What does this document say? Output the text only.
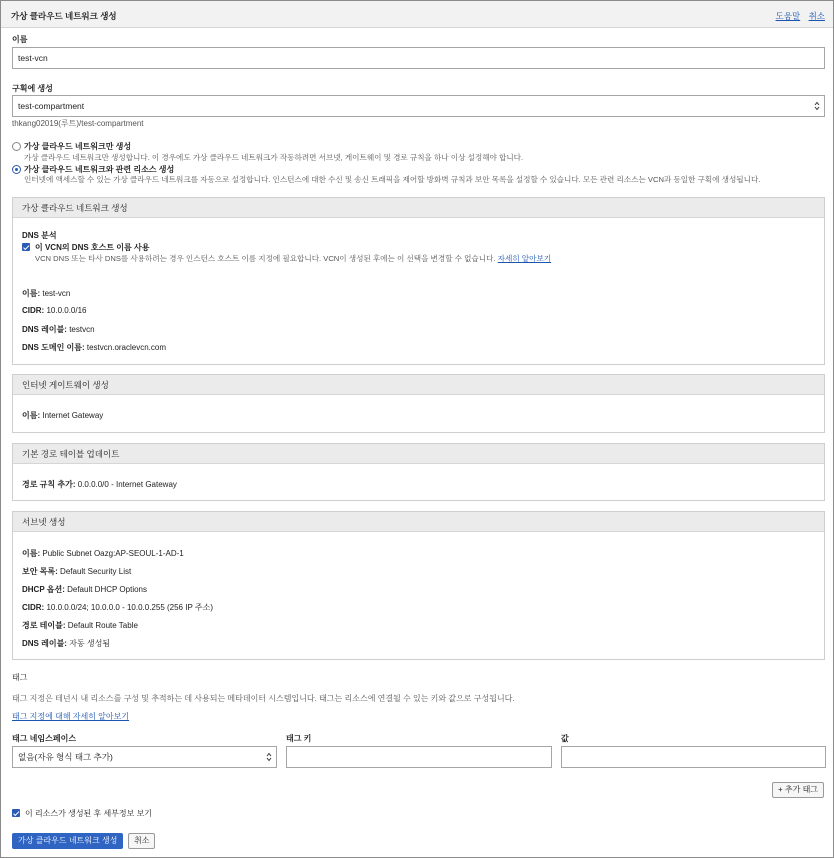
가상 클라우드 네트워크 생성	도움말 취소
이름
test-vcn
구획에 생성
test-compartment
thkang02019(루트)/test-compartment
가상 클라우드 네트워크만 생성
가상 클라우드 네트워크만 생성합니다. 이 경우에도 가상 클라우드 네트워크가 작동하려면 서브넷, 게이트웨이 및 경로 규칙을 하나 이상 설정해야 합니다.
가상 클라우드 네트워크와 관련 리소스 생성
인터넷에 액세스할 수 있는 가상 클라우드 네트워크를 자동으로 설정합니다. 인스턴스에 대한 수신 및 송신 트래픽을 제어할 방화벽 규칙과 보안 목록을 설정할 수 있습니다. 모든 관련 리소스는 VCN과 동일한 구획에 생성됩니다.
가상 클라우드 네트워크 생성
DNS 분석
이 VCN의 DNS 호스트 이름 사용
VCN DNS 또는 타사 DNS를 사용하려는 경우 인스턴스 호스트 이름 지정에 필요합니다. VCN이 생성된 후에는 이 선택을 변경할 수 없습니다. 자세히 알아보기
이름: test-vcn
CIDR: 10.0.0.0/16
DNS 레이블: testvcn
DNS 도메인 이름: testvcn.oraclevcn.com
인터넷 게이트웨이 생성
이름: Internet Gateway
기본 경로 테이블 업데이트
경로 규칙 추가: 0.0.0.0/0 - Internet Gateway
서브넷 생성
이름: Public Subnet Oazg:AP-SEOUL-1-AD-1
보안 목록: Default Security List
DHCP 옵션: Default DHCP Options
CIDR: 10.0.0.0/24; 10.0.0.0 - 10.0.0.255 (256 IP 주소)
경로 테이블: Default Route Table
DNS 레이블: 자동 생성됨
태그
태그 지정은 테넌시 내 리소스를 구성 및 추적하는 데 사용되는 메타데이터 시스템입니다. 태그는 리소스에 연결될 수 있는 키와 값으로 구성됩니다.
태그 지정에 대해 자세히 알아보기
태그 네임스페이스
없음(자유 형식 태그 추가)
태그 키	값
+ 추가 태그
이 리소스가 생성된 후 세부정보 보기
가상 클라우드 네트워크 생성	취소
